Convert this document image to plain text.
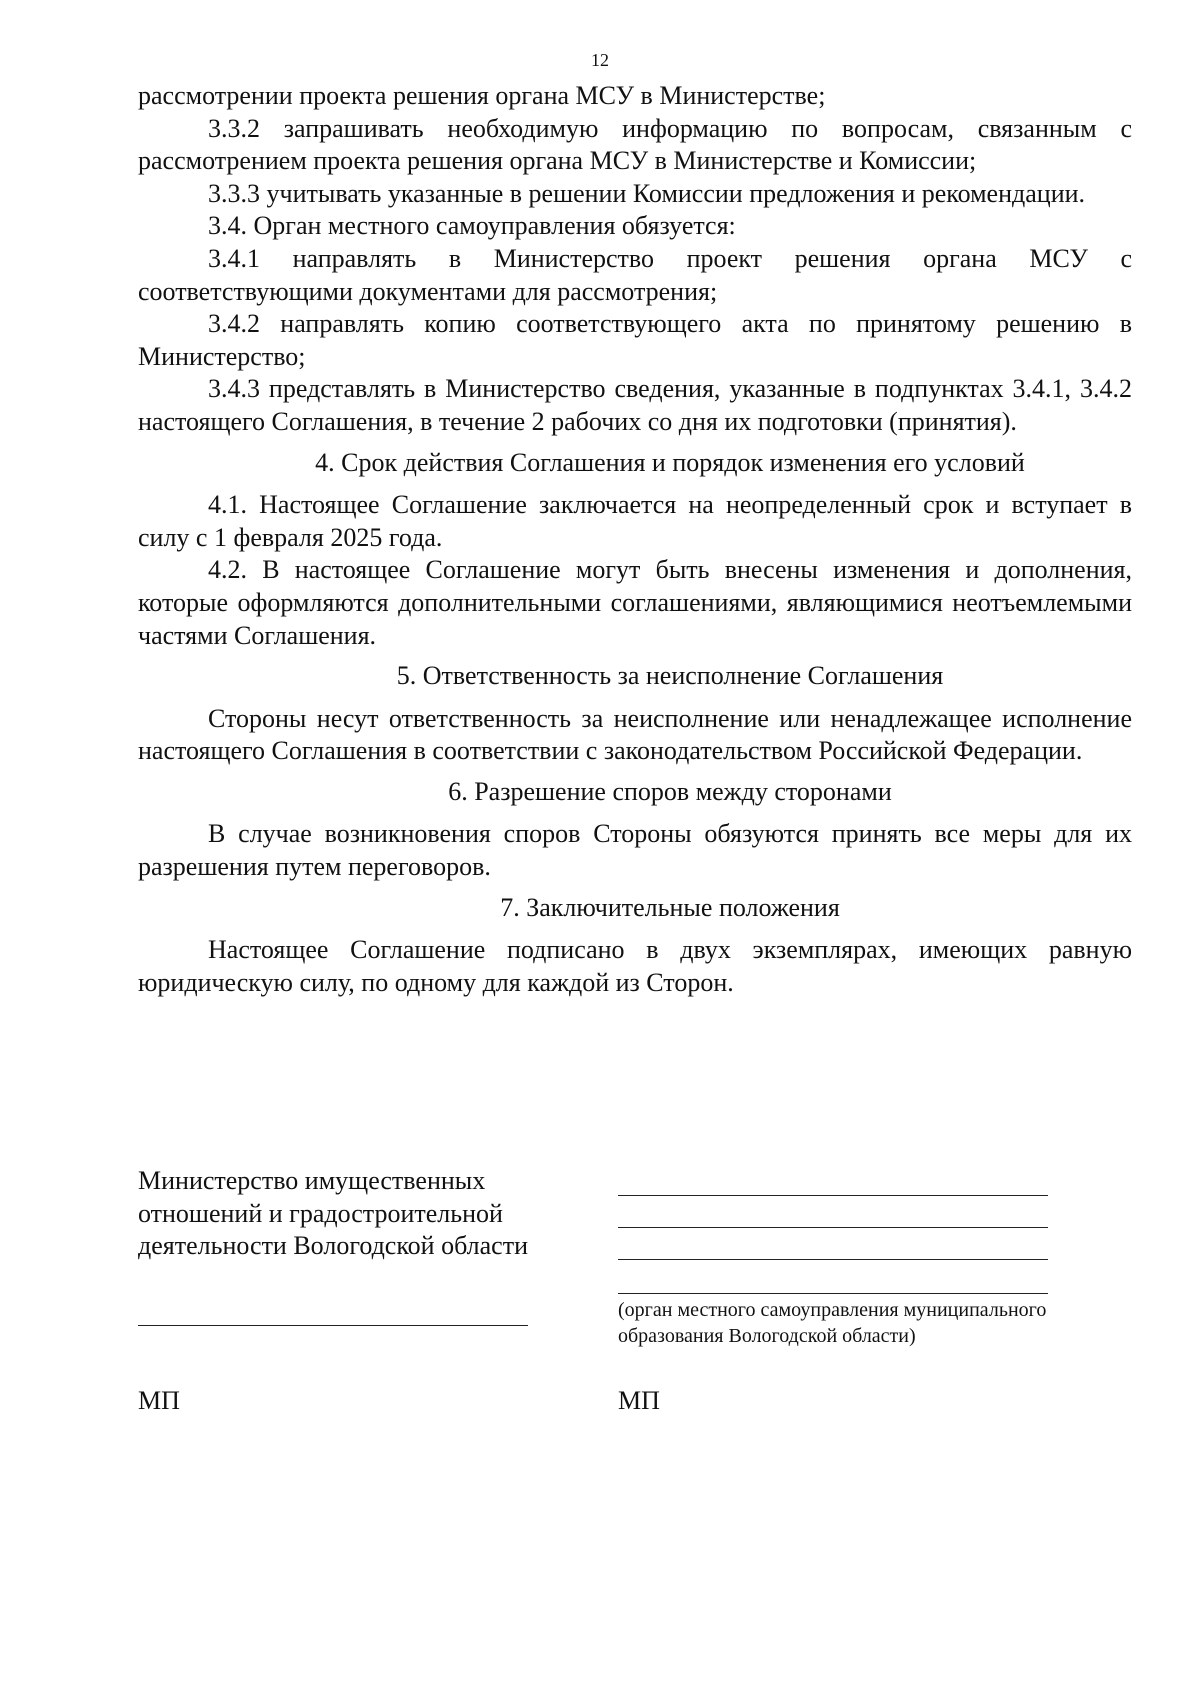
12

рассмотрении проекта решения органа МСУ в Министерстве;

3.3.2 запрашивать необходимую информацию по вопросам, связанным с рассмотрением проекта решения органа МСУ в Министерстве и Комиссии;

3.3.3 учитывать указанные в решении Комиссии предложения и рекомендации.

3.4. Орган местного самоуправления обязуется:

3.4.1 направлять в Министерство проект решения органа МСУ с соответствующими документами для рассмотрения;

3.4.2 направлять копию соответствующего акта по принятому решению в Министерство;

3.4.3 представлять в Министерство сведения, указанные в подпунктах 3.4.1, 3.4.2 настоящего Соглашения, в течение 2 рабочих со дня их подготовки (принятия).

4. Срок действия Соглашения и порядок изменения его условий

4.1. Настоящее Соглашение заключается на неопределенный срок и вступает в силу с 1 февраля 2025 года.

4.2. В настоящее Соглашение могут быть внесены изменения и дополнения, которые оформляются дополнительными соглашениями, являющимися неотъемлемыми частями Соглашения.

5. Ответственность за неисполнение Соглашения

Стороны несут ответственность за неисполнение или ненадлежащее исполнение настоящего Соглашения в соответствии с законодательством Российской Федерации.

6. Разрешение споров между сторонами

В случае возникновения споров Стороны обязуются принять все меры для их разрешения путем переговоров.

7. Заключительные положения

Настоящее Соглашение подписано в двух экземплярах, имеющих равную юридическую силу, по одному для каждой из Сторон.

Министерство имущественных отношений и градостроительной деятельности Вологодской области
(орган местного самоуправления муниципального образования Вологодской области)
МП	МП
